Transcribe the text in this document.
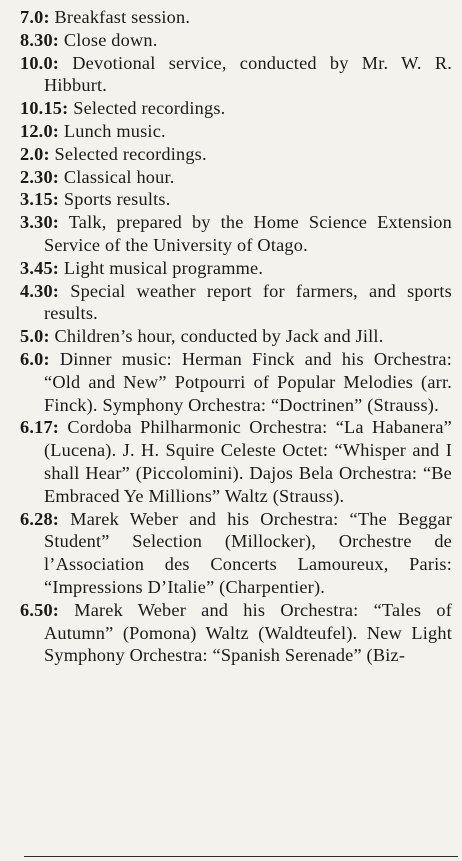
7.0: Breakfast session.

8.30: Close down.

10.0: Devotional service, conducted by Mr. W. R. Hibburt.

10.15: Selected recordings.

12.0: Lunch music.

2.0: Selected recordings.

2.30: Classical hour.

3.15: Sports results.

3.30: Talk, prepared by the Home Science Extension Service of the University of Otago.

3.45: Light musical programme.

4.30: Special weather report for farmers, and sports results.

5.0: Children’s hour, conducted by Jack and Jill.

6.0: Dinner music: Herman Finck and his Orchestra: “Old and New” Potpourri of Popular Melodies (arr. Finck). Symphony Orchestra: “Doctrinen” (Strauss).

6.17: Cordoba Philharmonic Orchestra: “La Habanera” (Lucena). J. H. Squire Celeste Octet: “Whisper and I shall Hear” (Piccolomini). Dajos Bela Orchestra: “Be Embraced Ye Millions” Waltz (Strauss).

6.28: Marek Weber and his Orchestra: “The Beggar Student” Selection (Millocker), Orchestre de l’Association des Concerts Lamoureux, Paris: “Impressions D’Italie” (Charpentier).

6.50: Marek Weber and his Orchestra: “Tales of Autumn” (Pomona) Waltz (Waldteufel). New Light Symphony Orchestra: “Spanish Serenade” (Biz-
